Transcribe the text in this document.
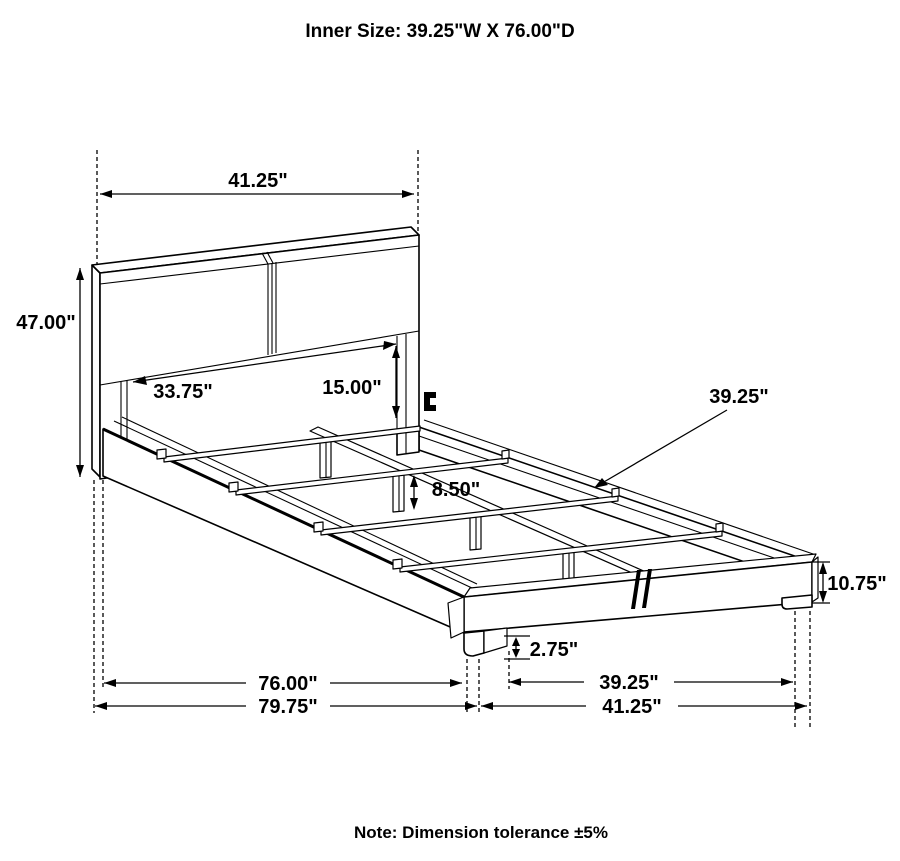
41.25"
47.00"
33.75"	15.00"	39.25"
8.50"
10.75"
2.75"
76.00"
79.75"
39.25"
41.25"
Inner Size: 39.25"W X 76.00"D
Note: Dimension tolerance ±5%
